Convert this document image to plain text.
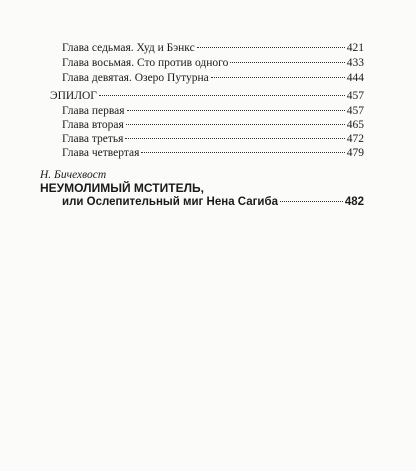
Глава седьмая. Худ и Бэнкс	421
Глава восьмая. Сто против одного	433
Глава девятая. Озеро Путурна	444
ЭПИЛОГ	457
Глава первая	457
Глава вторая	465
Глава третья	472
Глава четвертая	479
Н. Бичехвост
НЕУМОЛИМЫЙ МСТИТЕЛЬ,
или Ослепительный миг Нена Сагиба	482
